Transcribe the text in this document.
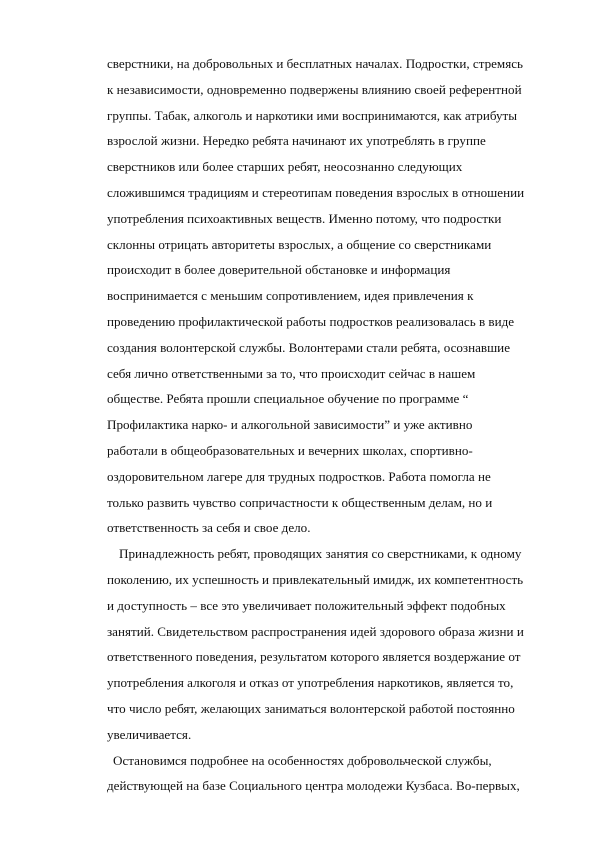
сверстники, на добровольных и бесплатных началах. Подростки, стремясь
к независимости, одновременно подвержены влиянию своей референтной
группы. Табак, алкоголь и наркотики ими воспринимаются, как атрибуты
взрослой жизни. Нередко ребята начинают их употреблять в группе
сверстников или более старших ребят, неосознанно следующих
сложившимся традициям и стереотипам поведения взрослых в отношении
употребления психоактивных веществ. Именно потому, что подростки
склонны отрицать авторитеты взрослых, а общение со сверстниками
происходит в более доверительной обстановке и информация
воспринимается с меньшим сопротивлением, идея привлечения к
проведению профилактической работы подростков реализовалась в виде
создания волонтерской службы. Волонтерами стали ребята, осознавшие
себя лично ответственными за то, что происходит сейчас в нашем
обществе. Ребята прошли специальное обучение по программе “
Профилактика нарко- и алкогольной зависимости” и уже активно
работали в общеобразовательных и вечерних школах, спортивно-
оздоровительном лагере для трудных подростков. Работа помогла не
только развить чувство сопричастности к общественным делам, но и
ответственность за себя и свое дело.
Принадлежность ребят, проводящих занятия со сверстниками, к одному
поколению, их успешность и привлекательный имидж, их компетентность
и доступность – все это увеличивает положительный эффект подобных
занятий. Свидетельством распространения идей здорового образа жизни и
ответственного поведения, результатом которого является воздержание от
употребления алкоголя и отказ от употребления наркотиков, является то,
что число ребят, желающих заниматься волонтерской работой постоянно
увеличивается.
Остановимся подробнее на особенностях добровольческой службы,
действующей на базе Социального центра молодежи Кузбаса. Во-первых,
